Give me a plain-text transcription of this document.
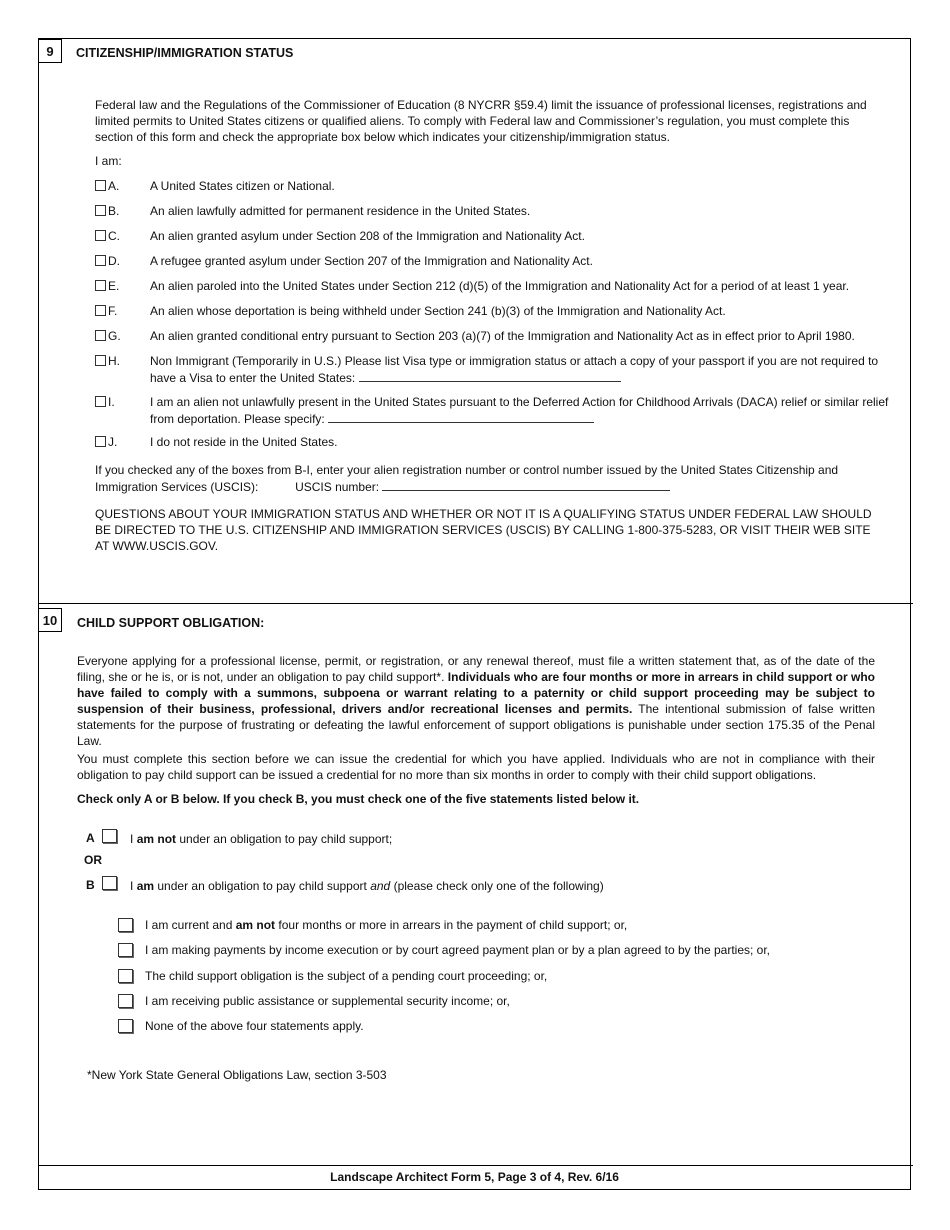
9	CITIZENSHIP/IMMIGRATION STATUS
Federal law and the Regulations of the Commissioner of Education (8 NYCRR §59.4) limit the issuance of professional licenses, registrations and limited permits to United States citizens or qualified aliens. To comply with Federal law and Commissioner’s regulation, you must complete this section of this form and check the appropriate box below which indicates your citizenship/immigration status.
I am:
A.	A United States citizen or National.
B.	An alien lawfully admitted for permanent residence in the United States.
C.	An alien granted asylum under Section 208 of the Immigration and Nationality Act.
D.	A refugee granted asylum under Section 207 of the Immigration and Nationality Act.
E.	An alien paroled into the United States under Section 212 (d)(5) of the Immigration and Nationality Act for a period of at least 1 year.
F.	An alien whose deportation is being withheld under Section 241 (b)(3) of the Immigration and Nationality Act.
G.	An alien granted conditional entry pursuant to Section 203 (a)(7) of the Immigration and Nationality Act as in effect prior to April 1980.
H.	Non Immigrant (Temporarily in U.S.) Please list Visa type or immigration status or attach a copy of your passport if you are not required to have a Visa to enter the United States:
I.	I am an alien not unlawfully present in the United States pursuant to the Deferred Action for Childhood Arrivals (DACA) relief or similar relief from deportation. Please specify:
J.	I do not reside in the United States.
If you checked any of the boxes from B-I, enter your alien registration number or control number issued by the United States Citizenship and Immigration Services (USCIS):	USCIS number:
QUESTIONS ABOUT YOUR IMMIGRATION STATUS AND WHETHER OR NOT IT IS A QUALIFYING STATUS UNDER FEDERAL LAW SHOULD BE DIRECTED TO THE U.S. CITIZENSHIP AND IMMIGRATION SERVICES (USCIS) BY CALLING 1-800-375-5283, OR VISIT THEIR WEB SITE AT WWW.USCIS.GOV.
10	CHILD SUPPORT OBLIGATION:
Everyone applying for a professional license, permit, or registration, or any renewal thereof, must file a written statement that, as of the date of the filing, she or he is, or is not, under an obligation to pay child support*. Individuals who are four months or more in arrears in child support or who have failed to comply with a summons, subpoena or warrant relating to a paternity or child support proceeding may be subject to suspension of their business, professional, drivers and/or recreational licenses and permits. The intentional submission of false written statements for the purpose of frustrating or defeating the lawful enforcement of support obligations is punishable under section 175.35 of the Penal Law.
You must complete this section before we can issue the credential for which you have applied. Individuals who are not in compliance with their obligation to pay child support can be issued a credential for no more than six months in order to comply with their child support obligations.
Check only A or B below. If you check B, you must check one of the five statements listed below it.
A	I am not under an obligation to pay child support;
OR
B	I am under an obligation to pay child support and (please check only one of the following)
I am current and am not four months or more in arrears in the payment of child support; or,
I am making payments by income execution or by court agreed payment plan or by a plan agreed to by the parties; or,
The child support obligation is the subject of a pending court proceeding; or,
I am receiving public assistance or supplemental security income; or,
None of the above four statements apply.
*New York State General Obligations Law, section 3-503
Landscape Architect Form 5, Page 3 of 4, Rev. 6/16
